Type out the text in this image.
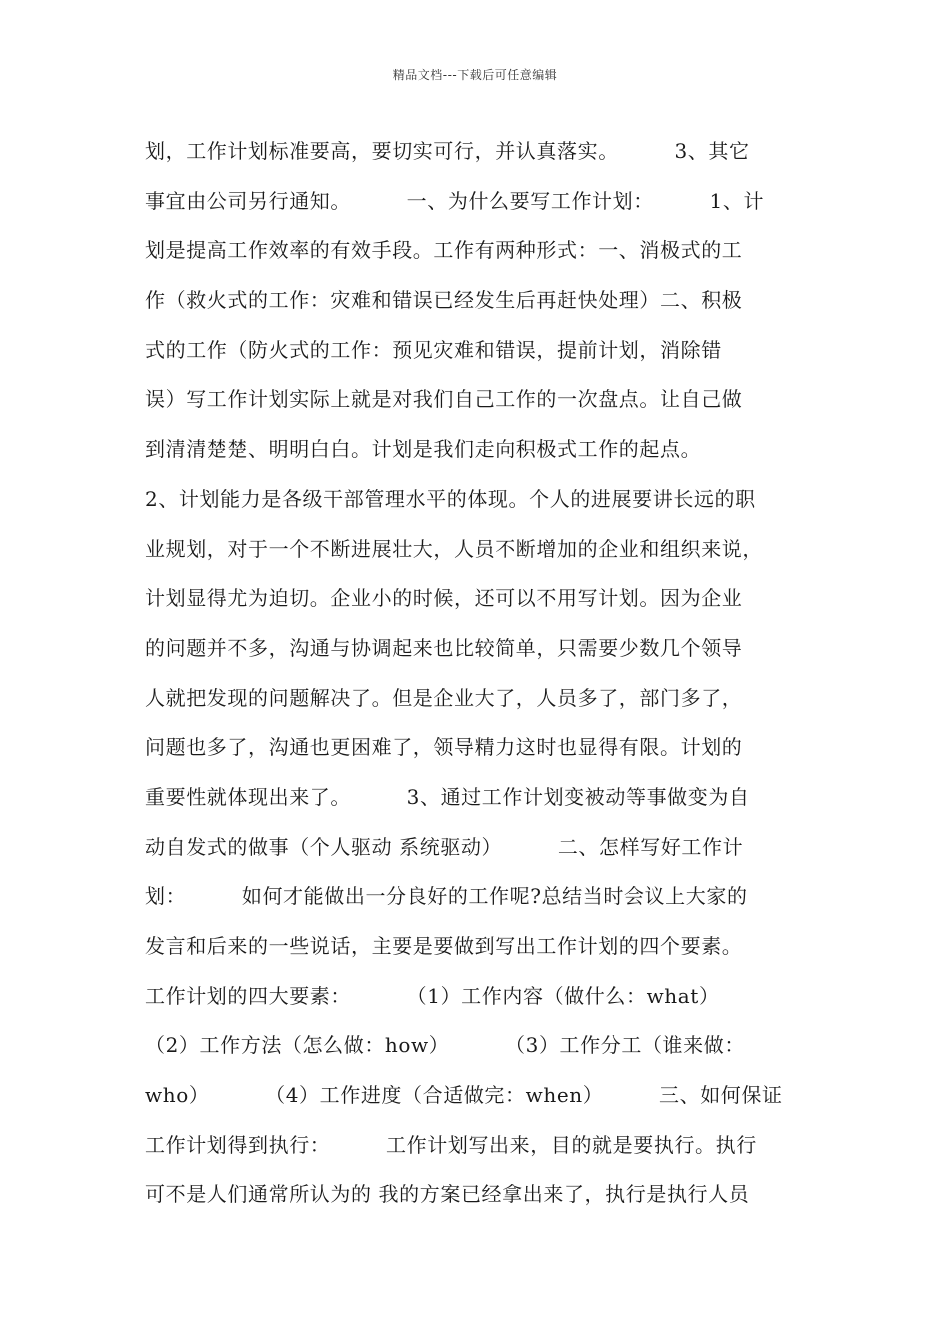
精品文档---下载后可任意编辑
划，工作计划标准要高，要切实可行，并认真落实。        3、其它
事宜由公司另行通知。        一、为什么要写工作计划：        1、计
划是提高工作效率的有效手段。工作有两种形式：一、消极式的工
作（救火式的工作：灾难和错误已经发生后再赶快处理）二、积极
式的工作（防火式的工作：预见灾难和错误，提前计划，消除错
误）写工作计划实际上就是对我们自己工作的一次盘点。让自己做
到清清楚楚、明明白白。计划是我们走向积极式工作的起点。
2、计划能力是各级干部管理水平的体现。个人的进展要讲长远的职
业规划，对于一个不断进展壮大，人员不断增加的企业和组织来说，
计划显得尤为迫切。企业小的时候，还可以不用写计划。因为企业
的问题并不多，沟通与协调起来也比较简单，只需要少数几个领导
人就把发现的问题解决了。但是企业大了，人员多了，部门多了，
问题也多了，沟通也更困难了，领导精力这时也显得有限。计划的
重要性就体现出来了。        3、通过工作计划变被动等事做变为自
动自发式的做事（个人驱动 系统驱动）        二、怎样写好工作计
划：        如何才能做出一分良好的工作呢?总结当时会议上大家的
发言和后来的一些说话，主要是要做到写出工作计划的四个要素。
工作计划的四大要素：        （1）工作内容（做什么：what）
（2）工作方法（怎么做：how）        （3）工作分工（谁来做：
who）        （4）工作进度（合适做完：when）        三、如何保证
工作计划得到执行：        工作计划写出来，目的就是要执行。执行
可不是人们通常所认为的 我的方案已经拿出来了，执行是执行人员
